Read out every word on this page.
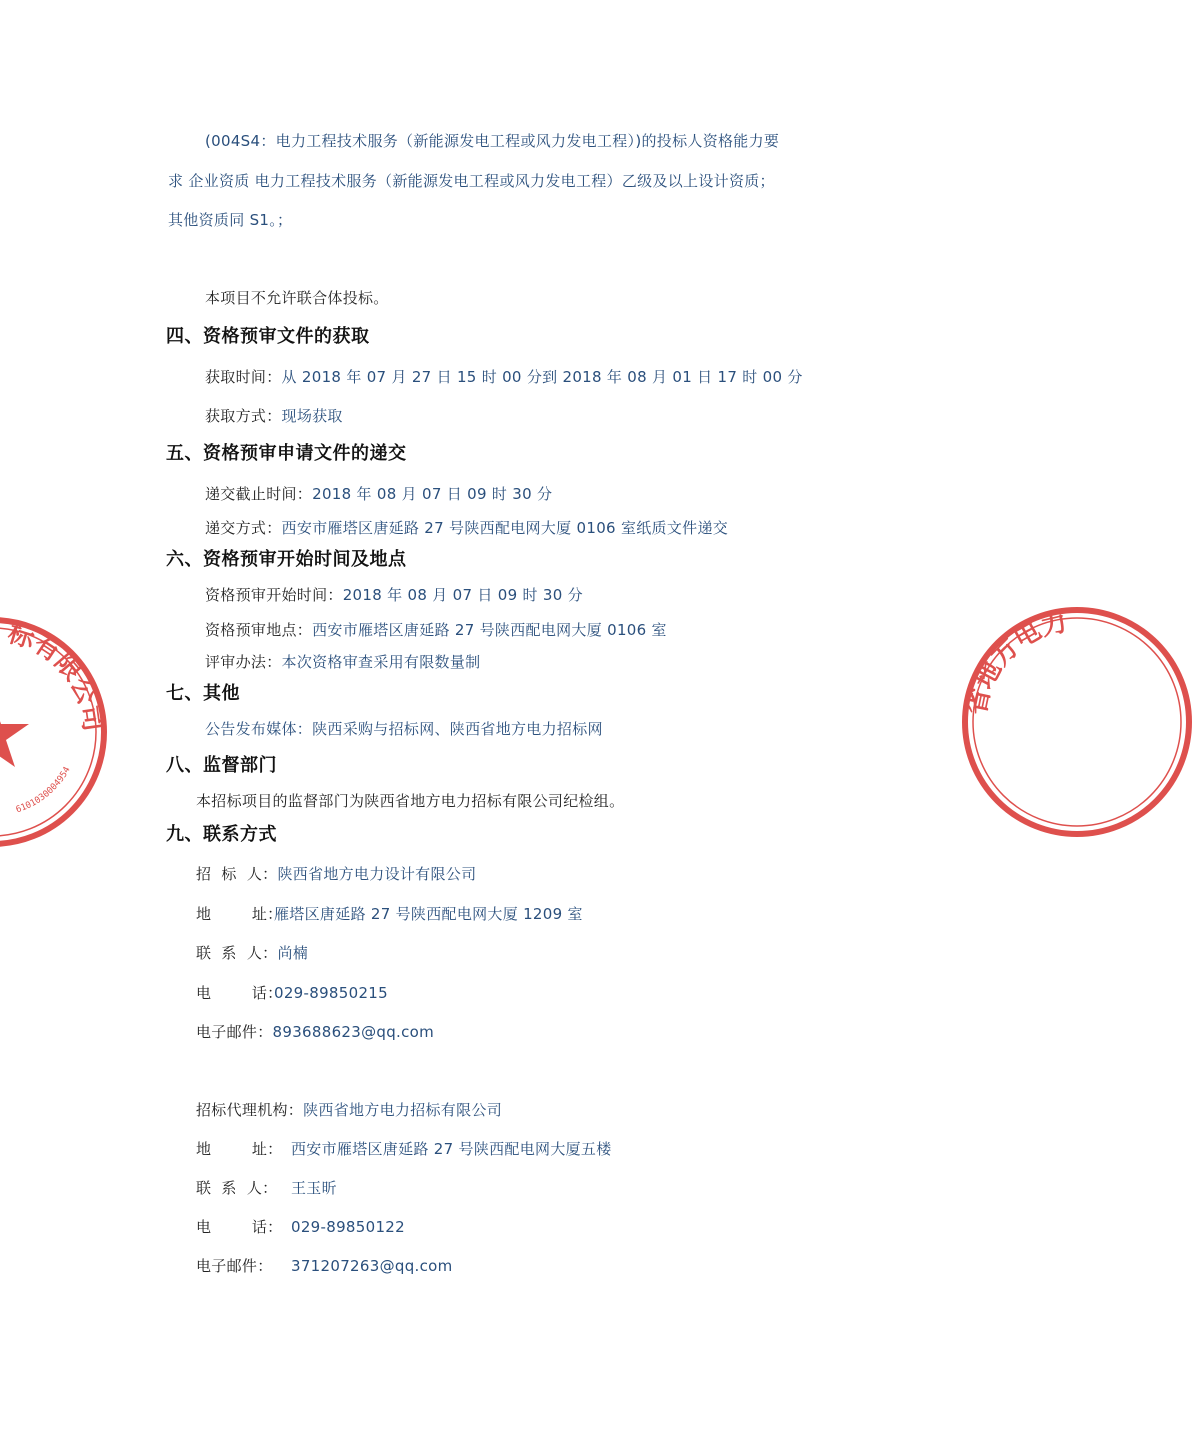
(004S4：电力工程技术服务（新能源发电工程或风力发电工程）)的投标人资格能力要
求 企业资质 电力工程技术服务（新能源发电工程或风力发电工程）乙级及以上设计资质；
其他资质同 S1。；
本项目不允许联合体投标。
四、资格预审文件的获取
获取时间：从 2018 年 07 月 27 日 15 时 00 分到 2018 年 08 月 01 日 17 时 00 分
获取方式：现场获取
五、资格预审申请文件的递交
递交截止时间：2018 年 08 月 07 日 09 时 30 分
递交方式：西安市雁塔区唐延路 27 号陕西配电网大厦 0106 室纸质文件递交
六、资格预审开始时间及地点
资格预审开始时间：2018 年 08 月 07 日 09 时 30 分
资格预审地点：西安市雁塔区唐延路 27 号陕西配电网大厦 0106 室
评审办法：本次资格审查采用有限数量制
七、其他
公告发布媒体：陕西采购与招标网、陕西省地方电力招标网
八、监督部门
本招标项目的监督部门为陕西省地方电力招标有限公司纪检组。
九、联系方式
招  标  人：陕西省地方电力设计有限公司
地        址：雁塔区唐延路 27 号陕西配电网大厦 1209 室
联  系  人：尚楠
电        话：029-89850215
电子邮件：893688623@qq.com
招标代理机构：陕西省地方电力招标有限公司
地        址： 西安市雁塔区唐延路 27 号陕西配电网大厦五楼
联  系  人： 王玉昕
电        话： 029-89850122
电子邮件： 371207263@qq.com
标有限公司
6101030004954
省地方电力
